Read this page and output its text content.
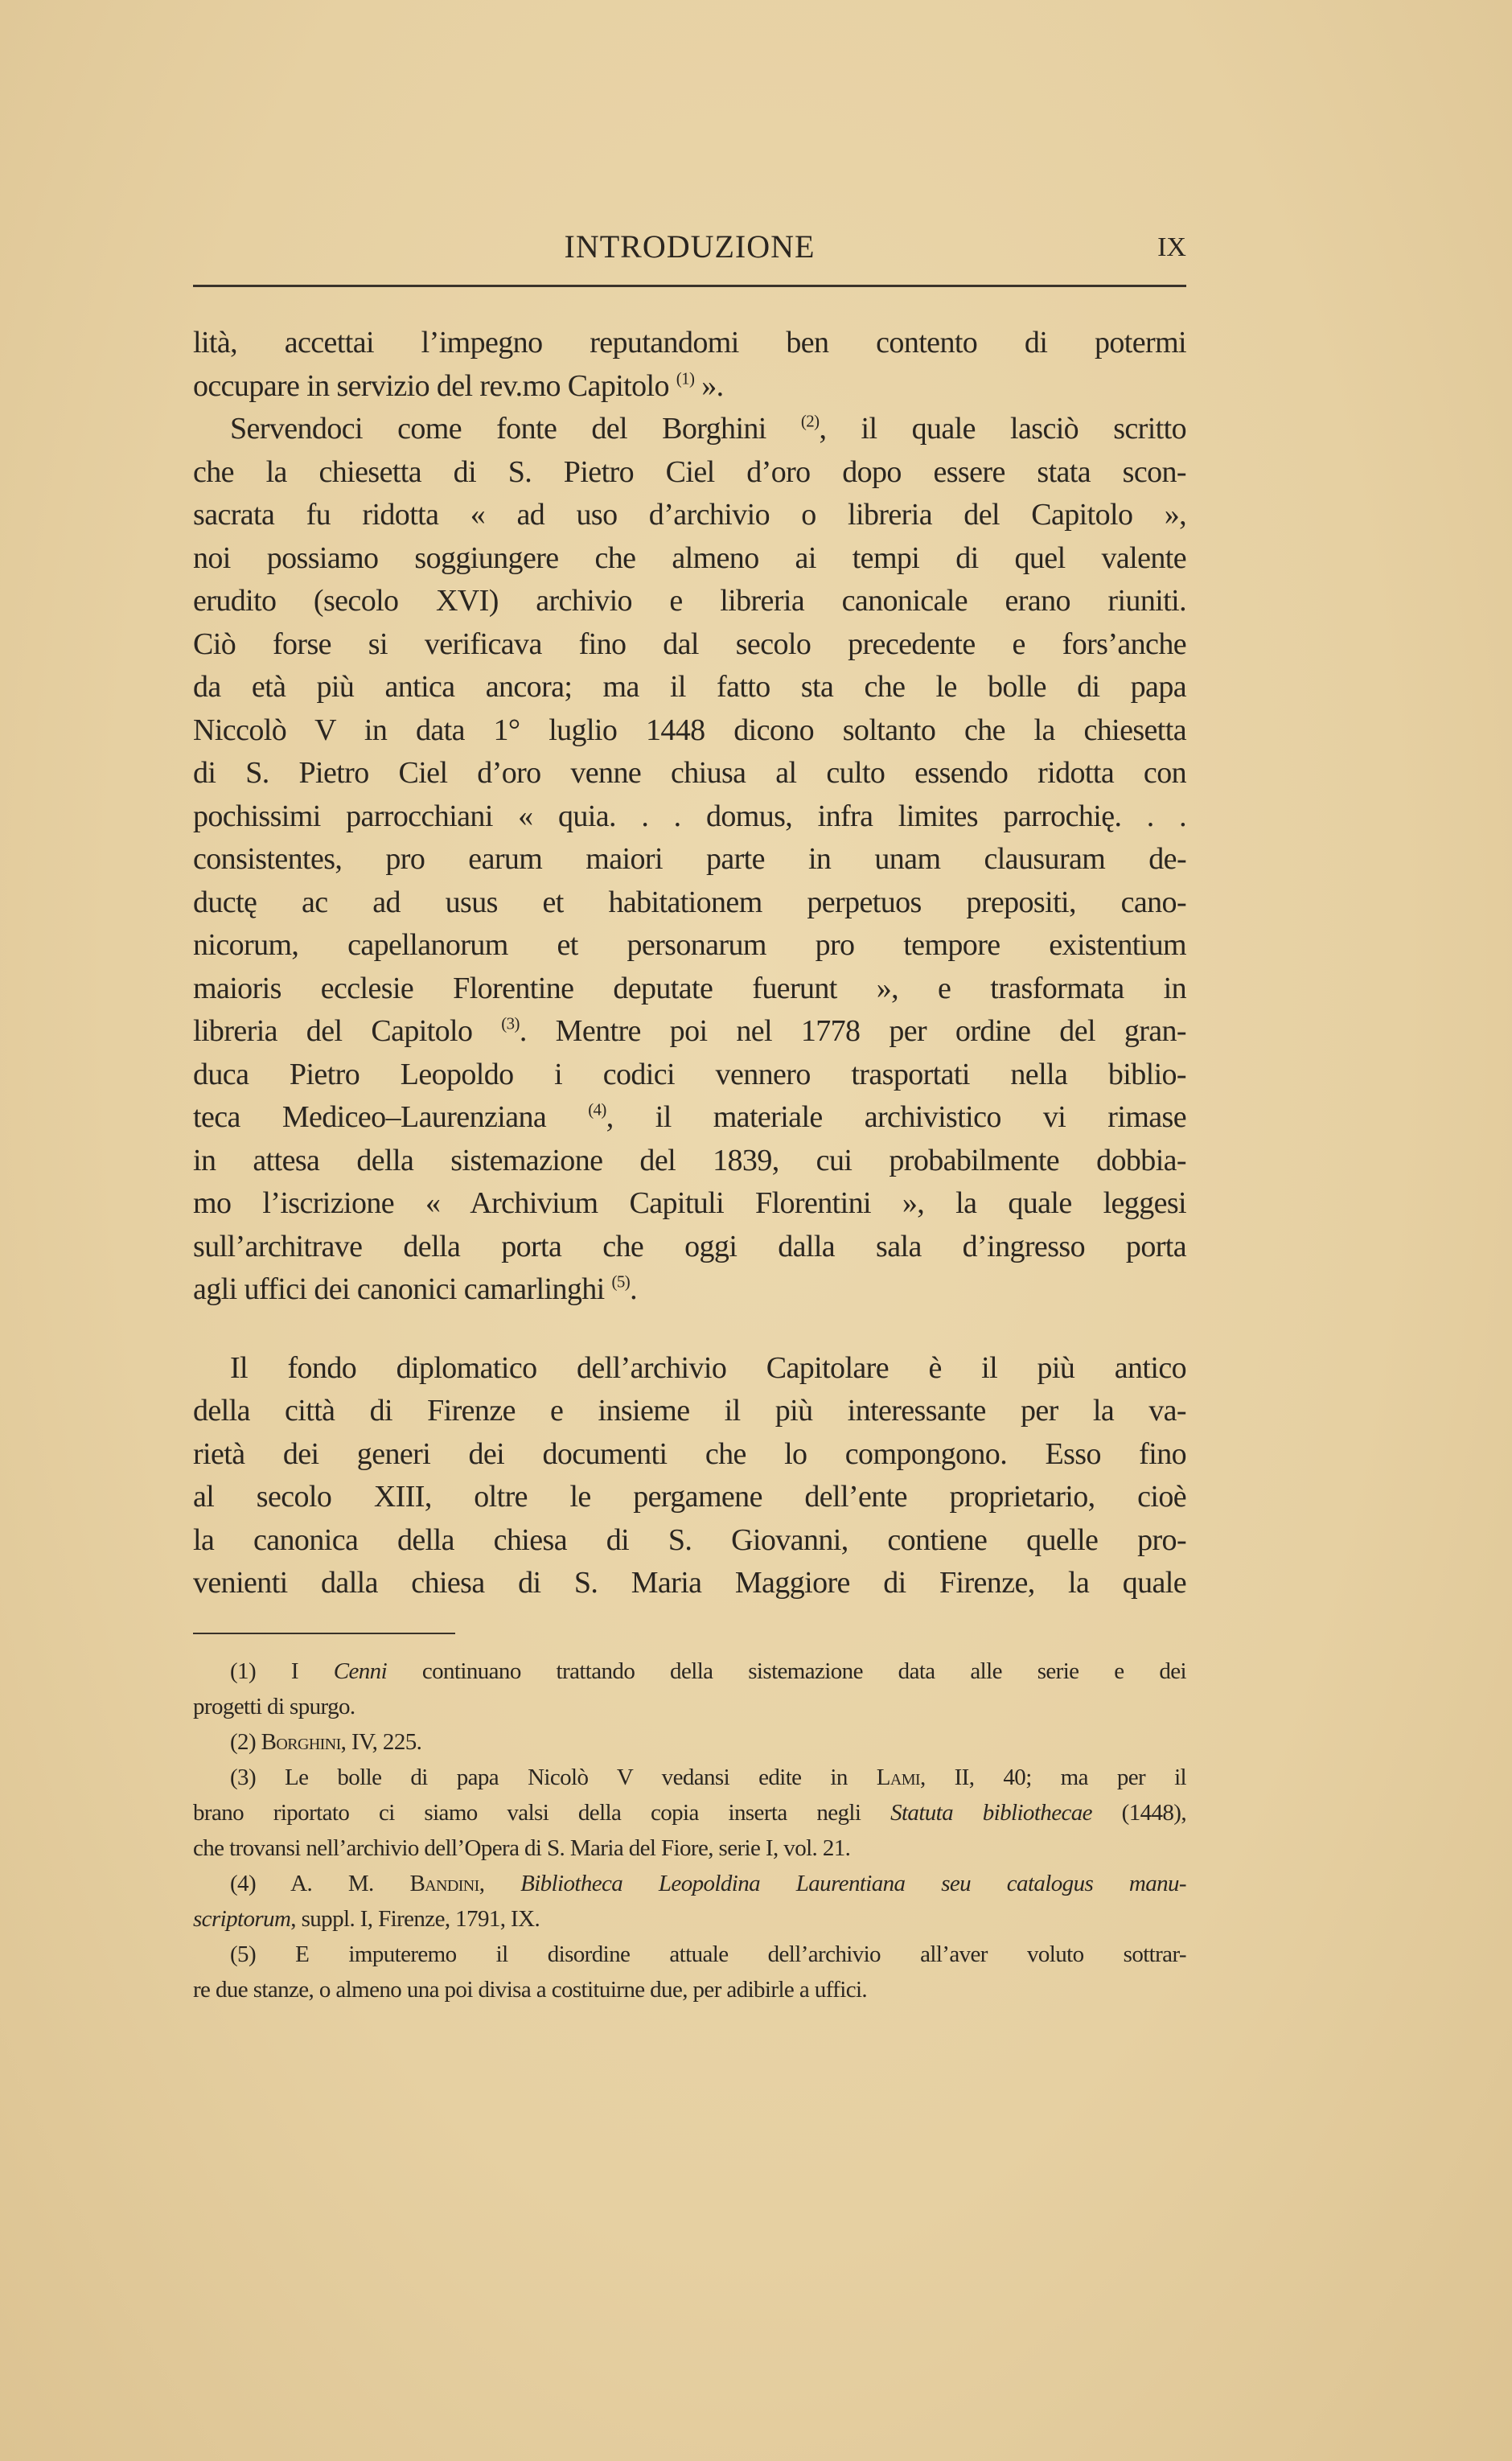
INTRODUZIONE	IX
lità, accettai l’impegno reputandomi ben contento di potermi
occupare in servizio del rev.mo Capitolo $^{(1)}$ ».
Servendoci come fonte del Borghini $^{(2)}$, il quale lasciò scritto
che la chiesetta di S. Pietro Ciel d’oro dopo essere stata scon-
sacrata fu ridotta « ad uso d’archivio o libreria del Capitolo »,
noi possiamo soggiungere che almeno ai tempi di quel valente
erudito (secolo XVI) archivio e libreria canonicale erano riuniti.
Ciò forse si verificava fino dal secolo precedente e fors’anche
da età più antica ancora; ma il fatto sta che le bolle di papa
Niccolò V in data 1° luglio 1448 dicono soltanto che la chiesetta
di S. Pietro Ciel d’oro venne chiusa al culto essendo ridotta con
pochissimi parrocchiani « quia. . . domus, infra limites parrochię. . .
consistentes, pro earum maiori parte in unam clausuram de-
ductę ac ad usus et habitationem perpetuos prepositi, cano-
nicorum, capellanorum et personarum pro tempore existentium
maioris ecclesie Florentine deputate fuerunt », e trasformata in
libreria del Capitolo $^{(3)}$. Mentre poi nel 1778 per ordine del gran-
duca Pietro Leopoldo i codici vennero trasportati nella biblio-
teca Mediceo–Laurenziana $^{(4)}$, il materiale archivistico vi rimase
in attesa della sistemazione del 1839, cui probabilmente dobbia-
mo l’iscrizione « Archivium Capituli Florentini », la quale leggesi
sull’architrave della porta che oggi dalla sala d’ingresso porta
agli uffici dei canonici camarlinghi $^{(5)}$.
Il fondo diplomatico dell’archivio Capitolare è il più antico
della città di Firenze e insieme il più interessante per la va-
rietà dei generi dei documenti che lo compongono. Esso fino
al secolo XIII, oltre le pergamene dell’ente proprietario, cioè
la canonica della chiesa di S. Giovanni, contiene quelle pro-
venienti dalla chiesa di S. Maria Maggiore di Firenze, la quale
(1) I Cenni continuano trattando della sistemazione data alle serie e dei
progetti di spurgo.
(2) Borghini, IV, 225.
(3) Le bolle di papa Nicolò V vedansi edite in Lami, II, 40; ma per il
brano riportato ci siamo valsi della copia inserta negli Statuta bibliothecae (1448),
che trovansi nell’archivio dell’Opera di S. Maria del Fiore, serie I, vol. 21.
(4) A. M. Bandini, Bibliotheca Leopoldina Laurentiana seu catalogus manu-
scriptorum, suppl. I, Firenze, 1791, IX.
(5) E imputeremo il disordine attuale dell’archivio all’aver voluto sottrar-
re due stanze, o almeno una poi divisa a costituirne due, per adibirle a uffici.
